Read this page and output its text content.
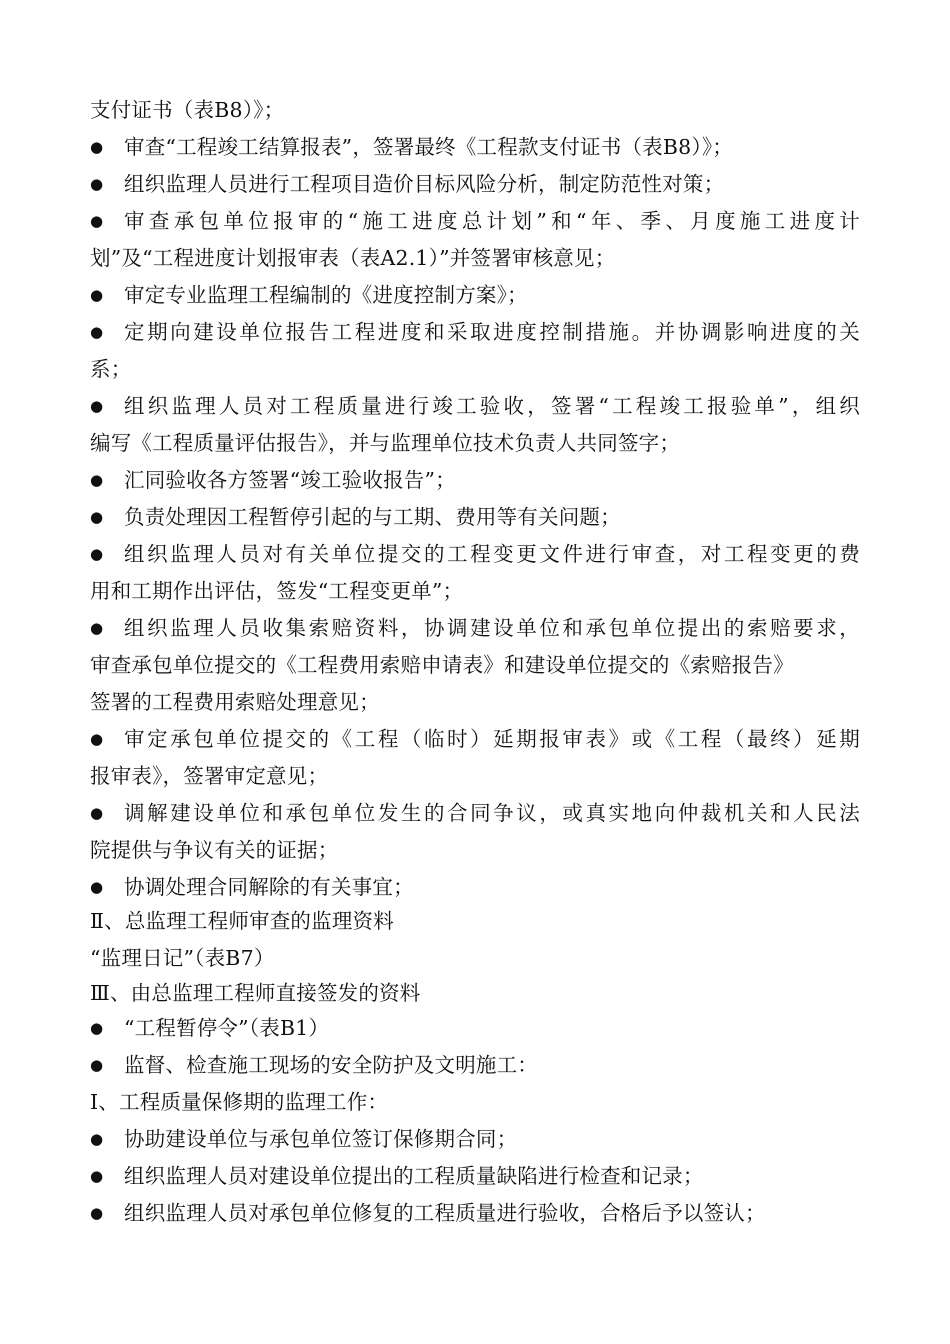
支付证书（表B8）》；
● 审查“工程竣工结算报表”，签署最终《工程款支付证书（表B8）》；
● 组织监理人员进行工程项目造价目标风险分析，制定防范性对策；
● 审查承包单位报审的“施工进度总计划”和“年、季、月度施工进度计
划”及“工程进度计划报审表（表A2.1）”并签署审核意见；
● 审定专业监理工程编制的《进度控制方案》；
● 定期向建设单位报告工程进度和采取进度控制措施。并协调影响进度的关
系；
● 组织监理人员对工程质量进行竣工验收，签署“工程竣工报验单”，组织
编写《工程质量评估报告》，并与监理单位技术负责人共同签字；
● 汇同验收各方签署“竣工验收报告”；
● 负责处理因工程暂停引起的与工期、费用等有关问题；
● 组织监理人员对有关单位提交的工程变更文件进行审查，对工程变更的费
用和工期作出评估，签发“工程变更单”；
● 组织监理人员收集索赔资料，协调建设单位和承包单位提出的索赔要求，
审查承包单位提交的《工程费用索赔申请表》和建设单位提交的《索赔报告》
签署的工程费用索赔处理意见；
● 审定承包单位提交的《工程（临时）延期报审表》或《工程（最终）延期
报审表》，签署审定意见；
● 调解建设单位和承包单位发生的合同争议，或真实地向仲裁机关和人民法
院提供与争议有关的证据；
● 协调处理合同解除的有关事宜；
Ⅱ、总监理工程师审查的监理资料
“监理日记”（表B7）
Ⅲ、由总监理工程师直接签发的资料
● “工程暂停令”（表B1）
● 监督、检查施工现场的安全防护及文明施工：
Ⅰ、工程质量保修期的监理工作：
● 协助建设单位与承包单位签订保修期合同；
● 组织监理人员对建设单位提出的工程质量缺陷进行检查和记录；
● 组织监理人员对承包单位修复的工程质量进行验收，合格后予以签认；
